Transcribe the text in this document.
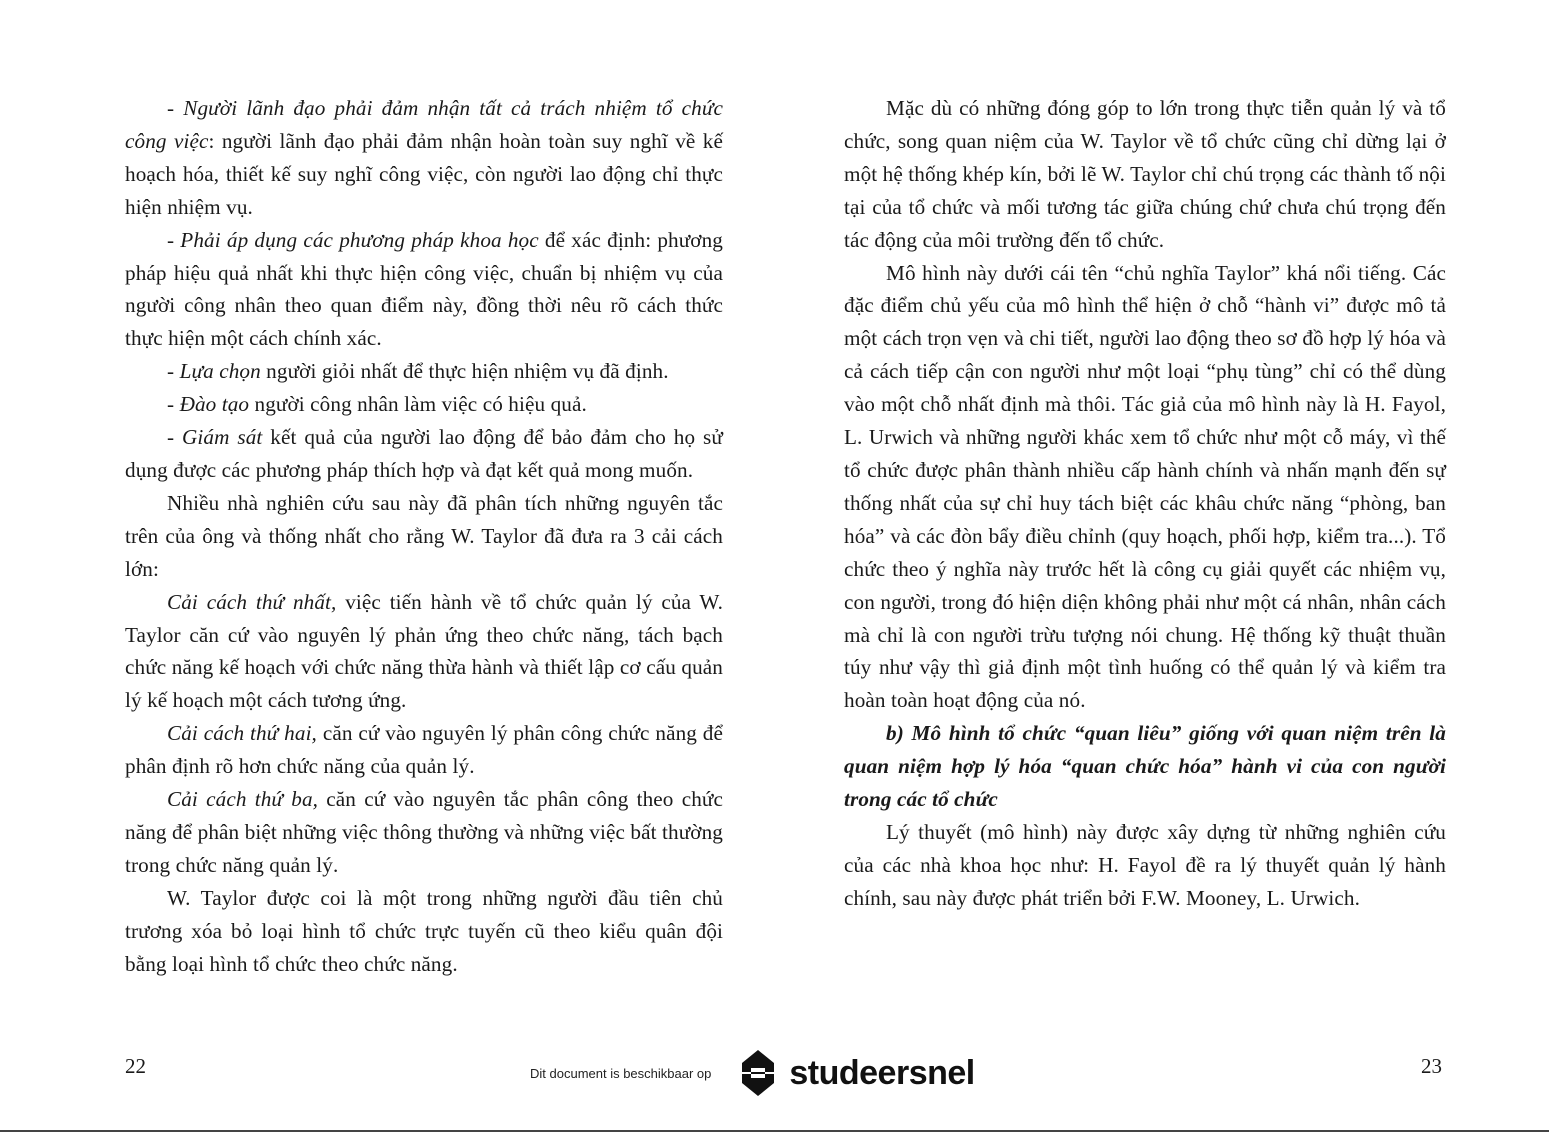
- Người lãnh đạo phải đảm nhận tất cả trách nhiệm tổ chức công việc: người lãnh đạo phải đảm nhận hoàn toàn suy nghĩ về kế hoạch hóa, thiết kế suy nghĩ công việc, còn người lao động chỉ thực hiện nhiệm vụ.

- Phải áp dụng các phương pháp khoa học để xác định: phương pháp hiệu quả nhất khi thực hiện công việc, chuẩn bị nhiệm vụ của người công nhân theo quan điểm này, đồng thời nêu rõ cách thức thực hiện một cách chính xác.

- Lựa chọn người giỏi nhất để thực hiện nhiệm vụ đã định.

- Đào tạo người công nhân làm việc có hiệu quả.

- Giám sát kết quả của người lao động để bảo đảm cho họ sử dụng được các phương pháp thích hợp và đạt kết quả mong muốn.

Nhiều nhà nghiên cứu sau này đã phân tích những nguyên tắc trên của ông và thống nhất cho rằng W. Taylor đã đưa ra 3 cải cách lớn:

Cải cách thứ nhất, việc tiến hành về tổ chức quản lý của W. Taylor căn cứ vào nguyên lý phản ứng theo chức năng, tách bạch chức năng kế hoạch với chức năng thừa hành và thiết lập cơ cấu quản lý kế hoạch một cách tương ứng.

Cải cách thứ hai, căn cứ vào nguyên lý phân công chức năng để phân định rõ hơn chức năng của quản lý.

Cải cách thứ ba, căn cứ vào nguyên tắc phân công theo chức năng để phân biệt những việc thông thường và những việc bất thường trong chức năng quản lý.

W. Taylor được coi là một trong những người đầu tiên chủ trương xóa bỏ loại hình tổ chức trực tuyến cũ theo kiểu quân đội bằng loại hình tổ chức theo chức năng.

Mặc dù có những đóng góp to lớn trong thực tiễn quản lý và tổ chức, song quan niệm của W. Taylor về tổ chức cũng chỉ dừng lại ở một hệ thống khép kín, bởi lẽ W. Taylor chỉ chú trọng các thành tố nội tại của tổ chức và mối tương tác giữa chúng chứ chưa chú trọng đến tác động của môi trường đến tổ chức.

Mô hình này dưới cái tên “chủ nghĩa Taylor” khá nổi tiếng. Các đặc điểm chủ yếu của mô hình thể hiện ở chỗ “hành vi” được mô tả một cách trọn vẹn và chi tiết, người lao động theo sơ đồ hợp lý hóa và cả cách tiếp cận con người như một loại “phụ tùng” chỉ có thể dùng vào một chỗ nhất định mà thôi. Tác giả của mô hình này là H. Fayol, L. Urwich và những người khác xem tổ chức như một cỗ máy, vì thế tổ chức được phân thành nhiều cấp hành chính và nhấn mạnh đến sự thống nhất của sự chỉ huy tách biệt các khâu chức năng “phòng, ban hóa” và các đòn bẩy điều chỉnh (quy hoạch, phối hợp, kiểm tra...). Tổ chức theo ý nghĩa này trước hết là công cụ giải quyết các nhiệm vụ, con người, trong đó hiện diện không phải như một cá nhân, nhân cách mà chỉ là con người trừu tượng nói chung. Hệ thống kỹ thuật thuần túy như vậy thì giả định một tình huống có thể quản lý và kiểm tra hoàn toàn hoạt động của nó.

b) Mô hình tổ chức “quan liêu” giống với quan niệm trên là quan niệm hợp lý hóa “quan chức hóa” hành vi của con người trong các tổ chức

Lý thuyết (mô hình) này được xây dựng từ những nghiên cứu của các nhà khoa học như: H. Fayol đề ra lý thuyết quản lý hành chính, sau này được phát triển bởi F.W. Mooney, L. Urwich.

22	23
Dit document is beschikbaar op studeersnel
